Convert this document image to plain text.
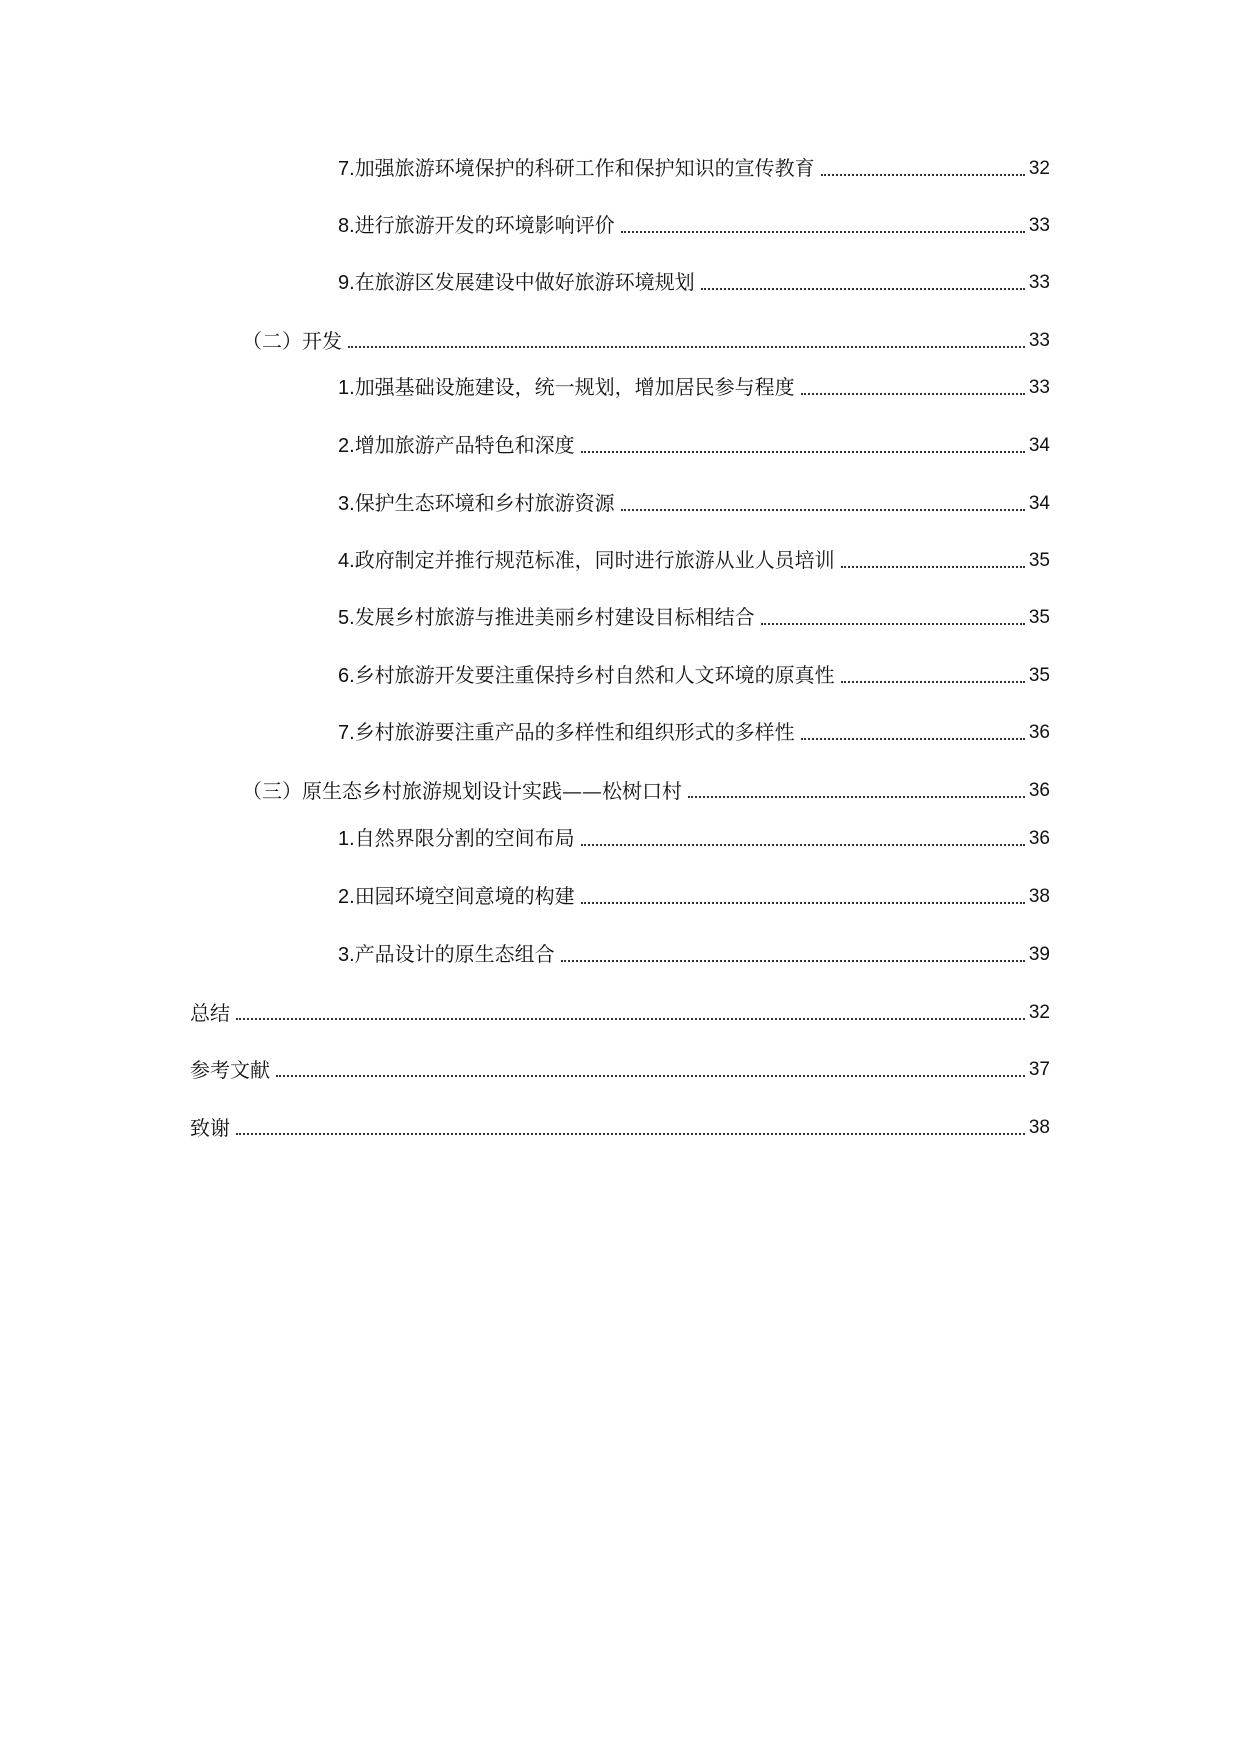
7.加强旅游环境保护的科研工作和保护知识的宣传教育	32
8.进行旅游开发的环境影响评价	33
9.在旅游区发展建设中做好旅游环境规划	33
（二）开发	33
1.加强基础设施建设，统一规划，增加居民参与程度	33
2.增加旅游产品特色和深度	34
3.保护生态环境和乡村旅游资源	34
4.政府制定并推行规范标准，同时进行旅游从业人员培训	35
5.发展乡村旅游与推进美丽乡村建设目标相结合	35
6.乡村旅游开发要注重保持乡村自然和人文环境的原真性	35
7.乡村旅游要注重产品的多样性和组织形式的多样性	36
（三）原生态乡村旅游规划设计实践——松树口村	36
1.自然界限分割的空间布局	36
2.田园环境空间意境的构建	38
3.产品设计的原生态组合	39
总结	32
参考文献	37
致谢	38
